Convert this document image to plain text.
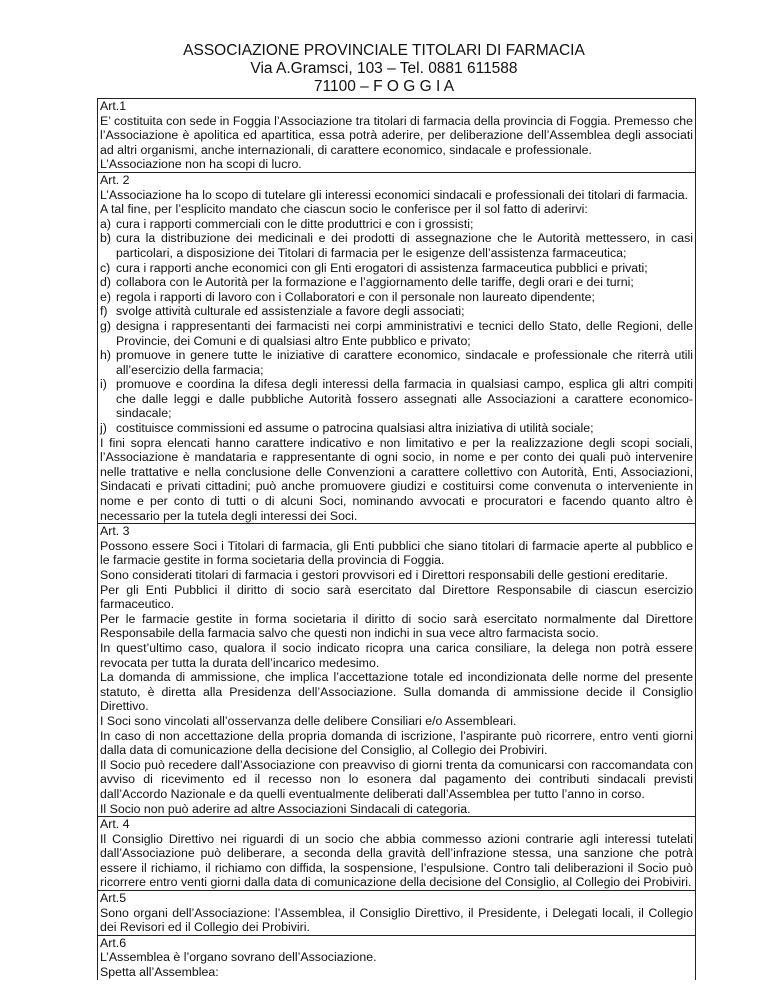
ASSOCIAZIONE PROVINCIALE TITOLARI DI FARMACIA
Via A.Gramsci, 103 – Tel. 0881 611588
71100 – F O G G I A

Art.1

E’ costituita con sede in Foggia l’Associazione tra titolari di farmacia della provincia di Foggia. Premesso che l’Associazione è apolitica ed apartitica, essa potrà aderire, per deliberazione dell’Assemblea degli associati ad altri organismi, anche internazionali, di carattere economico, sindacale e professionale.

L’Associazione non ha scopi di lucro.

Art. 2

L’Associazione ha lo scopo di tutelare gli interessi economici sindacali e professionali dei titolari di farmacia.

A tal fine, per l’esplicito mandato che ciascun socio le conferisce per il sol fatto di aderirvi:

a) cura i rapporti commerciali con le ditte produttrici e con i grossisti;
b) cura la distribuzione dei medicinali e dei prodotti di assegnazione che le Autorità mettessero, in casi particolari, a disposizione dei Titolari di farmacia per le esigenze dell’assistenza farmaceutica;
c) cura i rapporti anche economici con gli Enti erogatori di assistenza farmaceutica pubblici e privati;
d) collabora con le Autorità per la formazione e l’aggiornamento delle tariffe, degli orari e dei turni;
e) regola i rapporti di lavoro con i Collaboratori e con il personale non laureato dipendente;
f) svolge attività culturale ed assistenziale a favore degli associati;
g) designa i rappresentanti dei farmacisti nei corpi amministrativi e tecnici dello Stato, delle Regioni, delle Provincie, dei Comuni e di qualsiasi altro Ente pubblico e privato;
h) promuove in genere tutte le iniziative di carattere economico, sindacale e professionale che riterrà utili all’esercizio della farmacia;
i) promuove e coordina la difesa degli interessi della farmacia in qualsiasi campo, esplica gli altri compiti che dalle leggi e dalle pubbliche Autorità fossero assegnati alle Associazioni a carattere economico-sindacale;
j) costituisce commissioni ed assume o patrocina qualsiasi altra iniziativa di utilità sociale;

I fini sopra elencati hanno carattere indicativo e non limitativo e per la realizzazione degli scopi sociali, l’Associazione è mandataria e rappresentante di ogni socio, in nome e per conto dei quali può intervenire nelle trattative e nella conclusione delle Convenzioni a carattere collettivo con Autorità, Enti, Associazioni, Sindacati e privati cittadini; può anche promuovere giudizi e costituirsi come convenuta o interveniente in nome e per conto di tutti o di alcuni Soci, nominando avvocati e procuratori e facendo quanto altro è necessario per la tutela degli interessi dei Soci.

Art. 3

Possono essere Soci i Titolari di farmacia, gli Enti pubblici che siano titolari di farmacie aperte al pubblico e le farmacie gestite in forma societaria della provincia di Foggia.

Sono considerati titolari di farmacia i gestori provvisori ed i Direttori responsabili delle gestioni ereditarie.

Per gli Enti Pubblici il diritto di socio sarà esercitato dal Direttore Responsabile di ciascun esercizio farmaceutico.

Per le farmacie gestite in forma societaria il diritto di socio sarà esercitato normalmente dal Direttore Responsabile della farmacia salvo che questi non indichi in sua vece altro farmacista socio.

In quest’ultimo caso, qualora il socio indicato ricopra una carica consiliare, la delega non potrà essere revocata per tutta la durata dell’incarico medesimo.

La domanda di ammissione, che implica l’accettazione totale ed incondizionata delle norme del presente statuto, è diretta alla Presidenza dell’Associazione. Sulla domanda di ammissione decide il Consiglio Direttivo.

I Soci sono vincolati all’osservanza delle delibere Consiliari e/o Assembleari.

In caso di non accettazione della propria domanda di iscrizione, l’aspirante può ricorrere, entro venti giorni dalla data di comunicazione della decisione del Consiglio, al Collegio dei Probiviri.

Il Socio può recedere dall’Associazione con preavviso di giorni trenta da comunicarsi con raccomandata con avviso di ricevimento ed il recesso non lo esonera dal pagamento dei contributi sindacali previsti dall’Accordo Nazionale e da quelli eventualmente deliberati dall’Assemblea per tutto l’anno in corso.

Il Socio non può aderire ad altre Associazioni Sindacali di categoria.

Art. 4

Il Consiglio Direttivo nei riguardi di un socio che abbia commesso azioni contrarie agli interessi tutelati dall’Associazione può deliberare, a seconda della gravità dell’infrazione stessa, una sanzione che potrà essere il richiamo, il richiamo con diffida, la sospensione, l’espulsione. Contro tali deliberazioni il Socio può ricorrere entro venti giorni dalla data di comunicazione della decisione del Consiglio, al Collegio dei Probiviri.

Art.5

Sono organi dell’Associazione: l’Assemblea, il Consiglio Direttivo, il Presidente, i Delegati locali, il Collegio dei Revisori ed il Collegio dei Probiviri.

Art.6

L’Assemblea è l’organo sovrano dell’Associazione.

Spetta all’Assemblea:
